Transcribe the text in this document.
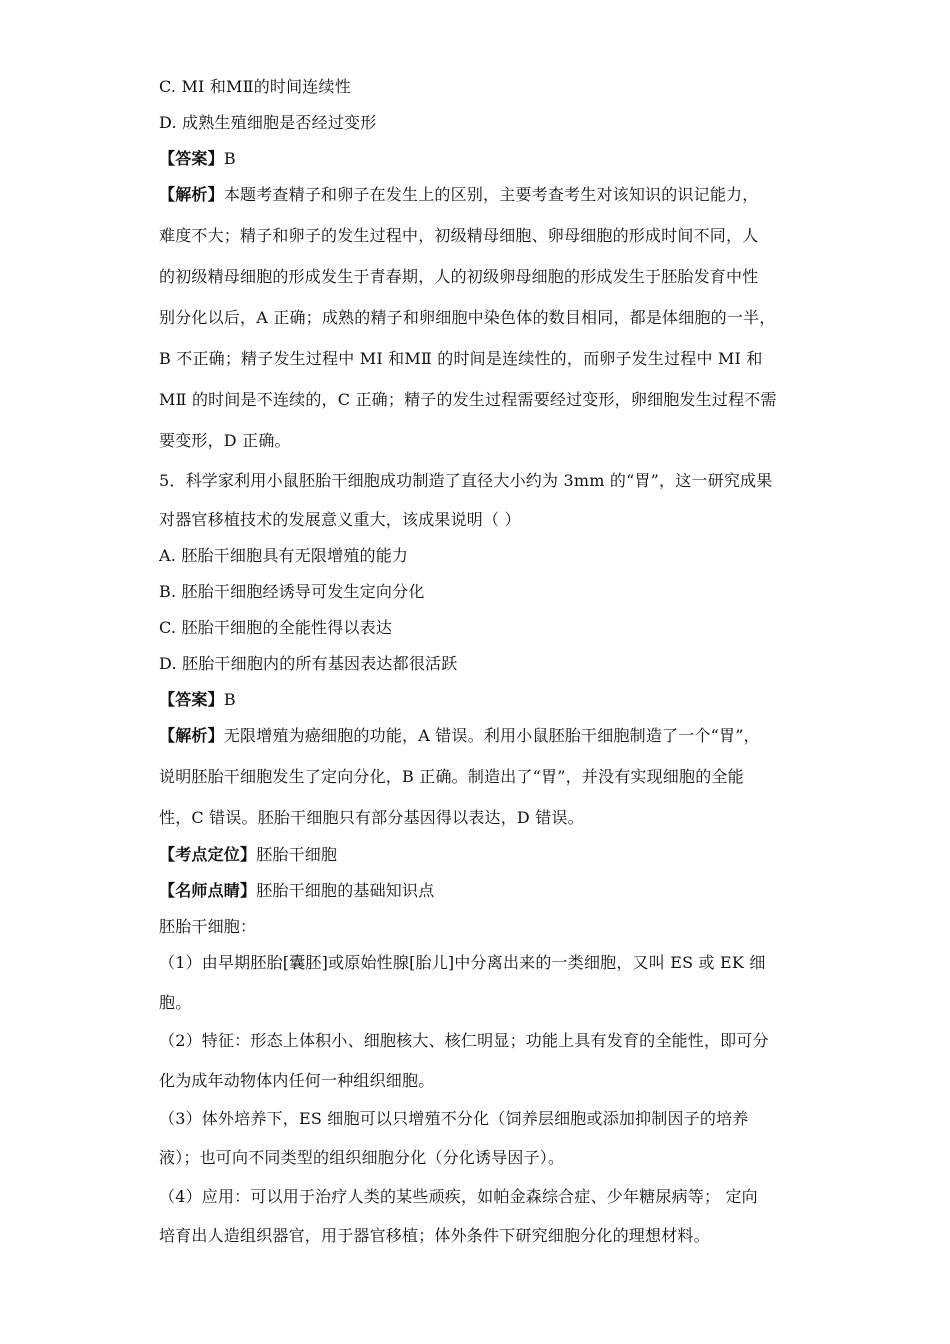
C. MⅠ 和MⅡ的时间连续性
D. 成熟生殖细胞是否经过变形
【答案】B
【解析】本题考查精子和卵子在发生上的区别，主要考查考生对该知识的识记能力，
难度不大；精子和卵子的发生过程中，初级精母细胞、卵母细胞的形成时间不同，人
的初级精母细胞的形成发生于青春期，人的初级卵母细胞的形成发生于胚胎发育中性
别分化以后，A 正确；成熟的精子和卵细胞中染色体的数目相同，都是体细胞的一半，
B 不正确；精子发生过程中 MⅠ 和MⅡ 的时间是连续性的，而卵子发生过程中 MⅠ 和
MⅡ 的时间是不连续的，C 正确；精子的发生过程需要经过变形，卵细胞发生过程不需
要变形，D 正确。
5．科学家利用小鼠胚胎干细胞成功制造了直径大小约为 3mm 的“胃”，这一研究成果
对器官移植技术的发展意义重大，该成果说明（ ）
A. 胚胎干细胞具有无限增殖的能力
B. 胚胎干细胞经诱导可发生定向分化
C. 胚胎干细胞的全能性得以表达
D. 胚胎干细胞内的所有基因表达都很活跃
【答案】B
【解析】无限增殖为癌细胞的功能，A 错误。利用小鼠胚胎干细胞制造了一个“胃”，
说明胚胎干细胞发生了定向分化，B 正确。制造出了“胃”，并没有实现细胞的全能
性，C 错误。胚胎干细胞只有部分基因得以表达，D 错误。
【考点定位】胚胎干细胞
【名师点睛】胚胎干细胞的基础知识点
胚胎干细胞：
（1）由早期胚胎[囊胚]或原始性腺[胎儿]中分离出来的一类细胞，又叫 ES 或 EK 细
胞。
（2）特征：形态上体积小、细胞核大、核仁明显；功能上具有发育的全能性，即可分
化为成年动物体内任何一种组织细胞。
（3）体外培养下，ES 细胞可以只增殖不分化（饲养层细胞或添加抑制因子的培养
液）；也可向不同类型的组织细胞分化（分化诱导因子）。
（4）应用：可以用于治疗人类的某些顽疾，如帕金森综合症、少年糖尿病等； 定向
培育出人造组织器官，用于器官移植；体外条件下研究细胞分化的理想材料。
